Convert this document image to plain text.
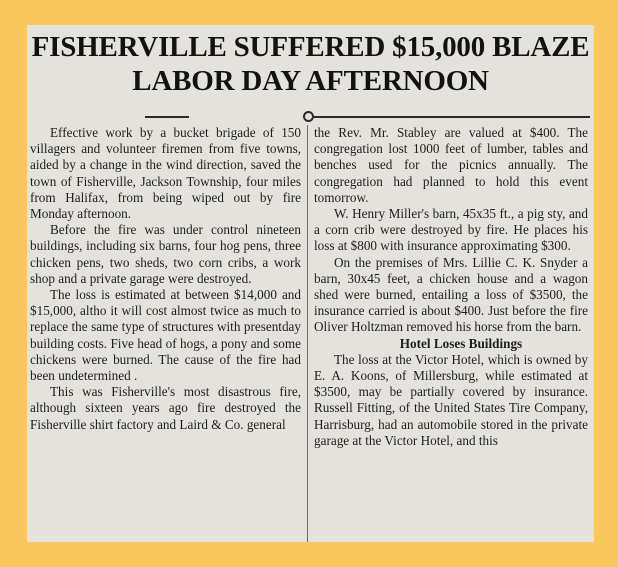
FISHERVILLE SUFFERED $15,000 BLAZE
LABOR DAY AFTERNOON

Effective work by a bucket brigade of 150 villagers and volunteer firemen from five towns, aided by a change in the wind direction, saved the town of Fisherville, Jackson Township, four miles from Halifax, from being wiped out by fire Monday afternoon.

Before the fire was under control nineteen buildings, including six barns, four hog pens, three chicken pens, two sheds, two corn cribs, a work shop and a private garage were destroyed.

The loss is estimated at between $14,000 and $15,000, altho it will cost almost twice as much to replace the same type of structures with presentday building costs. Five head of hogs, a pony and some chickens were burned. The cause of the fire had been undetermined .

This was Fisherville's most disastrous fire, although sixteen years ago fire destroyed the Fisherville shirt factory and Laird & Co. general

the Rev. Mr. Stabley are valued at $400. The congregation lost 1000 feet of lumber, tables and benches used for the picnics annually. The congregation had planned to hold this event tomorrow.

W. Henry Miller's barn, 45x35 ft., a pig sty, and a corn crib were destroyed by fire. He places his loss at $800 with insurance approximating $300.

On the premises of Mrs. Lillie C. K. Snyder a barn, 30x45 feet, a chicken house and a wagon shed were burned, entailing a loss of $3500, the insurance carried is about $400. Just before the fire Oliver Holtzman removed his horse from the barn.

Hotel Loses Buildings

The loss at the Victor Hotel, which is owned by E. A. Koons, of Millersburg, while estimated at $3500, may be partially covered by insurance. Russell Fitting, of the United States Tire Company, Harrisburg, had an automobile stored in the private garage at the Victor Hotel, and this
